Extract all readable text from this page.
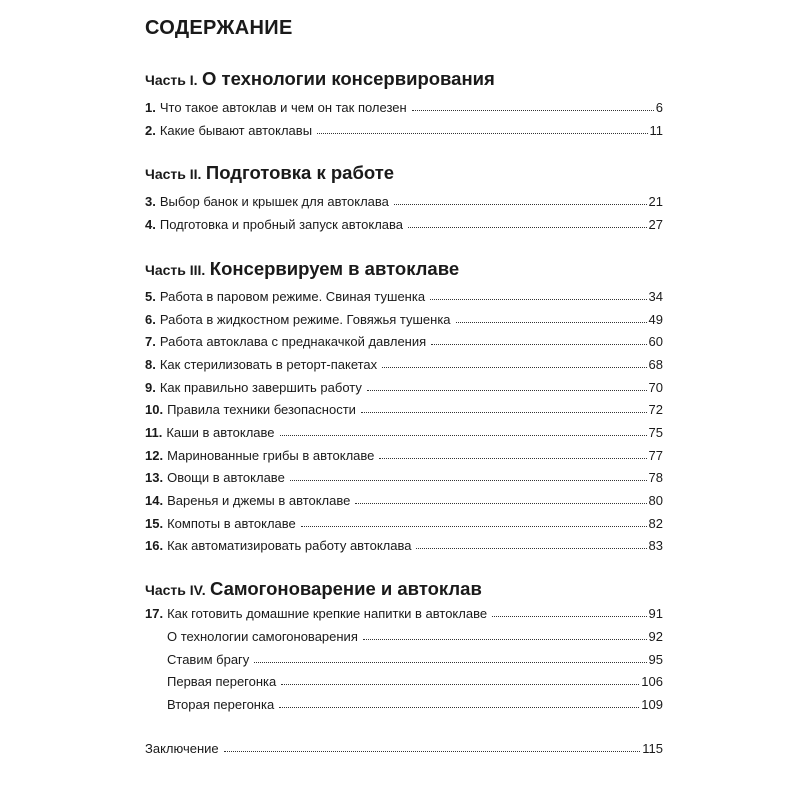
СОДЕРЖАНИЕ
Часть I. О технологии консервирования
1. Что такое автоклав и чем он так полезен	6
2. Какие бывают автоклавы	11
Часть II. Подготовка к работе
3. Выбор банок и крышек для автоклава	21
4. Подготовка и пробный запуск автоклава	27
Часть III. Консервируем в автоклаве
5. Работа в паровом режиме. Свиная тушенка	34
6. Работа в жидкостном режиме. Говяжья тушенка	49
7. Работа автоклава с преднакачкой давления	60
8. Как стерилизовать в реторт-пакетах	68
9. Как правильно завершить работу	70
10. Правила техники безопасности	72
11. Каши в автоклаве	75
12. Маринованные грибы в автоклаве	77
13. Овощи в автоклаве	78
14. Варенья и джемы в автоклаве	80
15. Компоты в автоклаве	82
16. Как автоматизировать работу автоклава	83
Часть IV. Самогоноварение и автоклав
17. Как готовить домашние крепкие напитки в автоклаве	91
О технологии самогоноварения	92
Ставим брагу	95
Первая перегонка	106
Вторая перегонка	109
Заключение	115
